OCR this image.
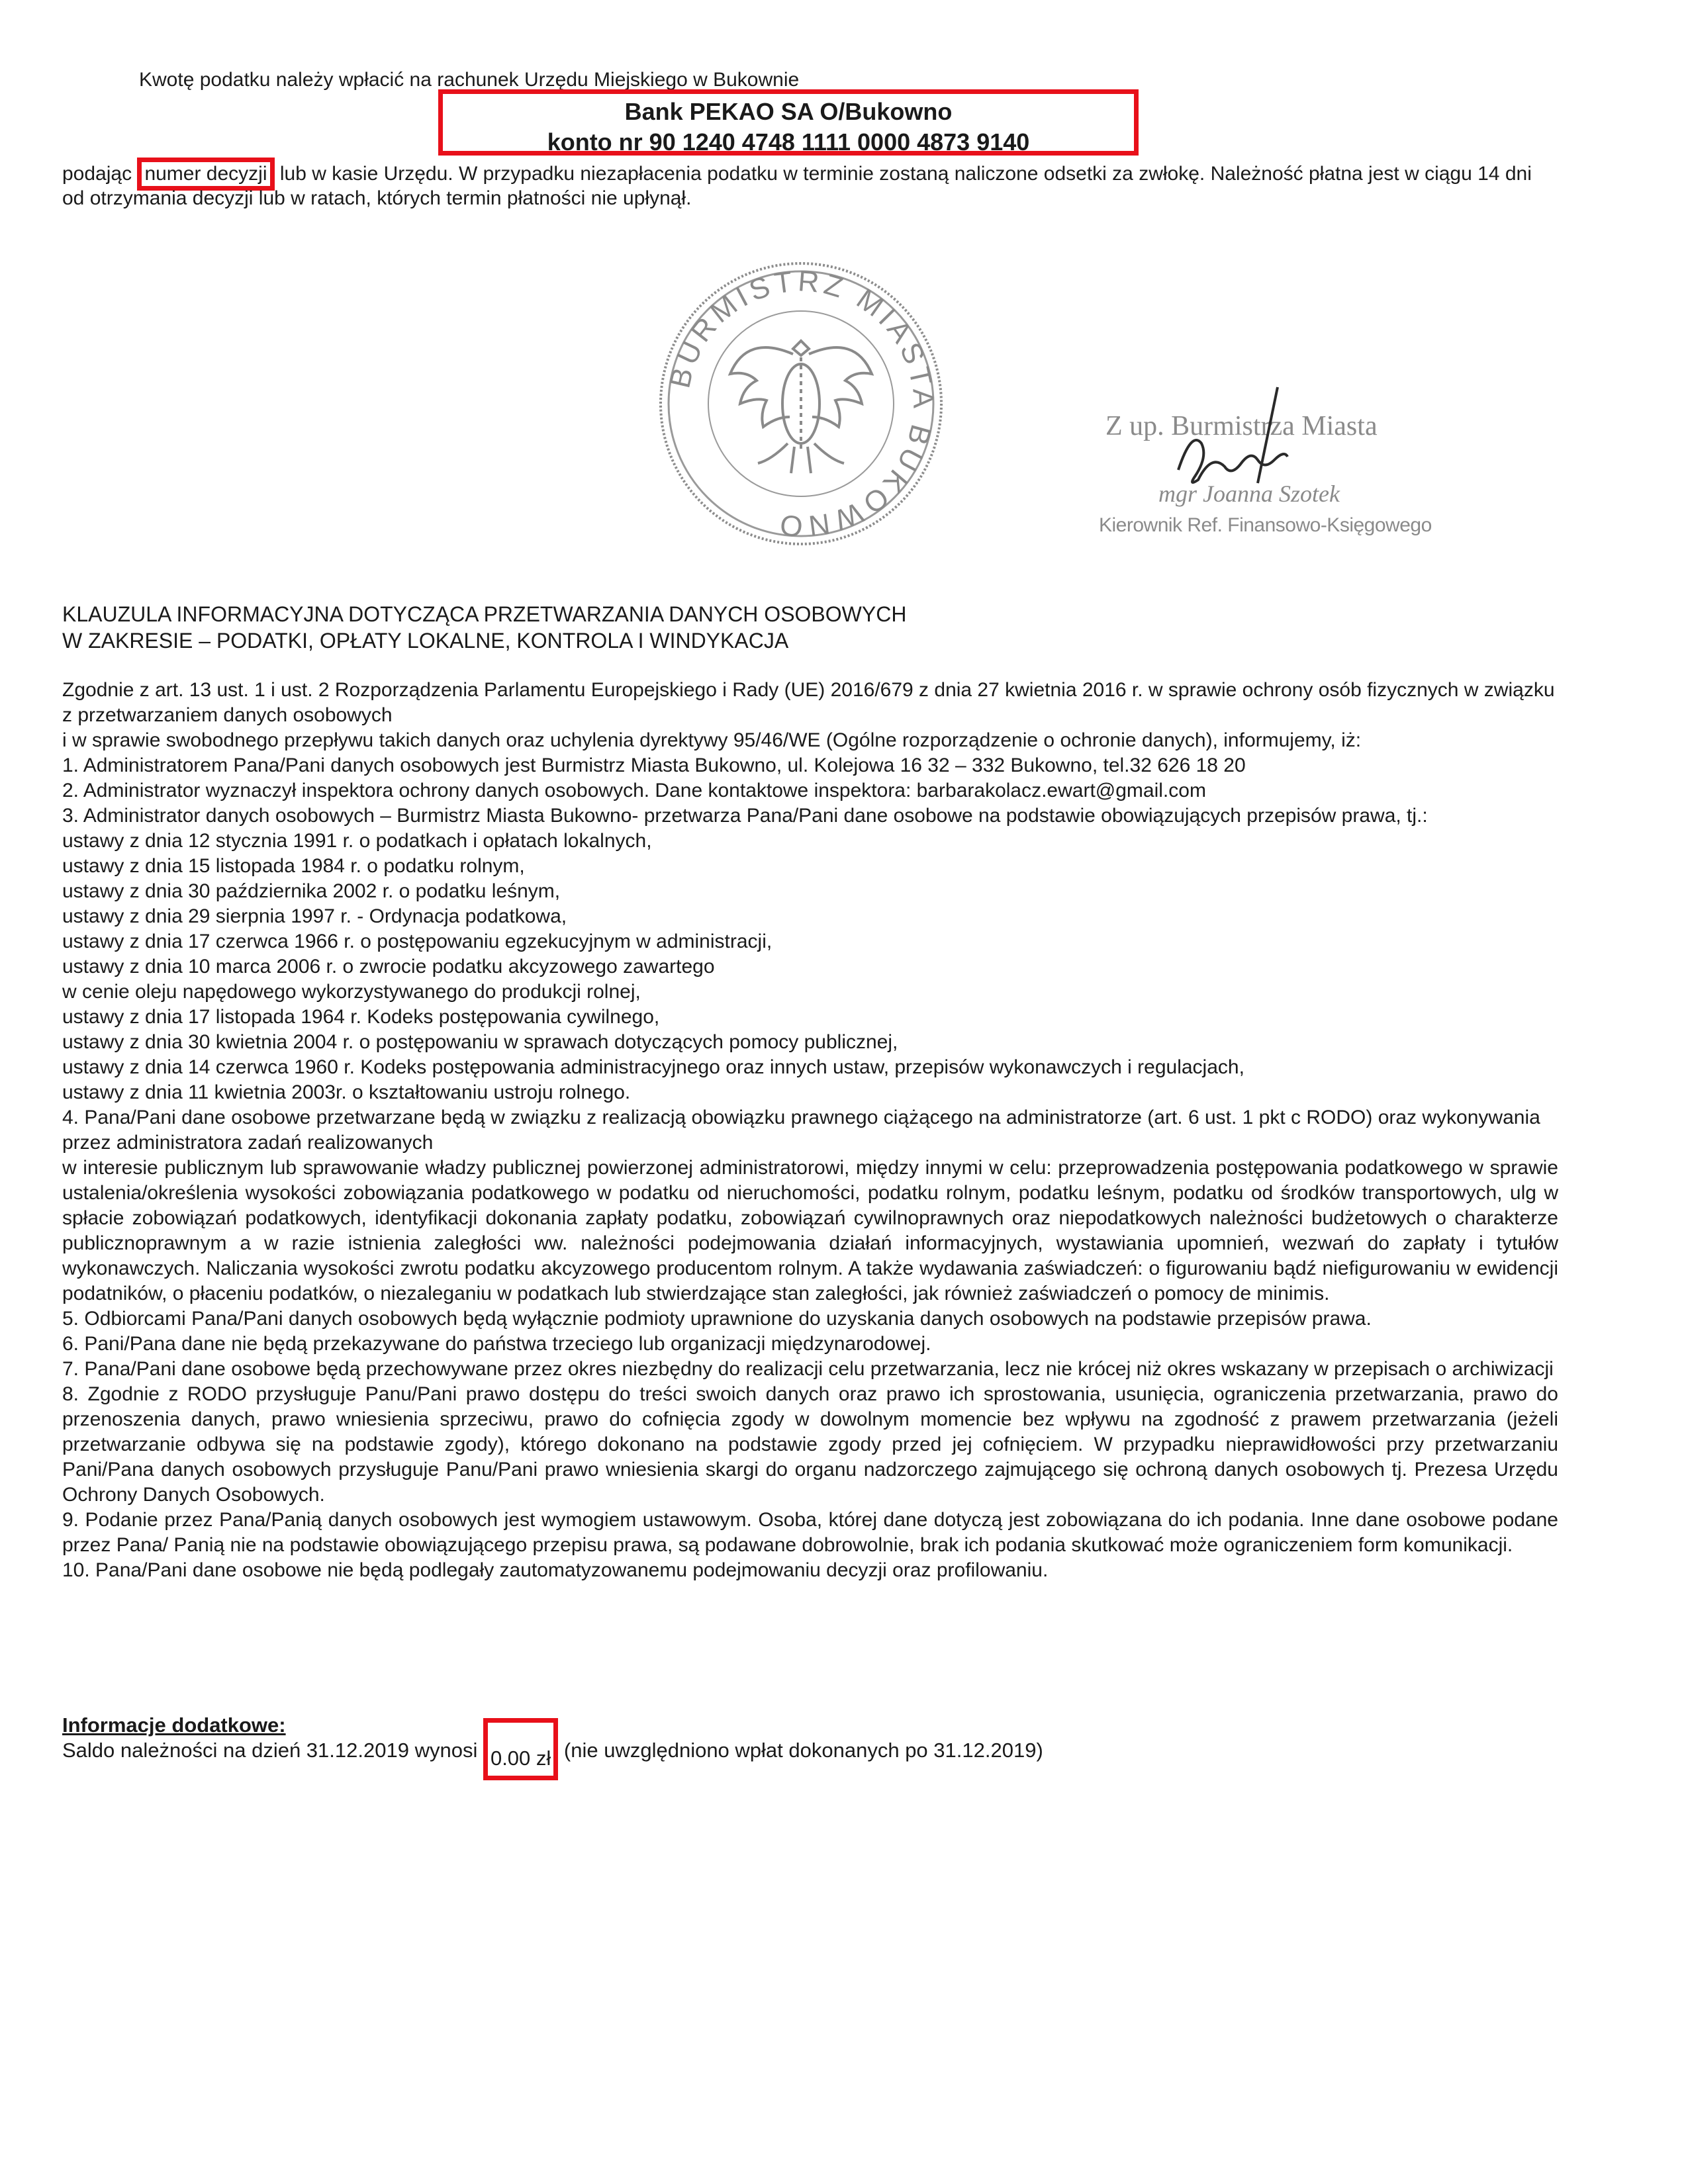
Kwotę podatku należy wpłacić na rachunek Urzędu Miejskiego w Bukownie
Bank PEKAO SA O/Bukowno
konto nr 90 1240 4748 1111 0000 4873 9140
podając numer decyzji lub w kasie Urzędu. W przypadku niezapłacenia podatku w terminie zostaną naliczone odsetki za zwłokę. Należność płatna jest w ciągu 14 dni od otrzymania decyzji lub w ratach, których termin płatności nie upłynął.
BURMISTRZ MIASTA BUKOWNO
Z up. Burmistrza Miasta
mgr Joanna Szotek
Kierownik Ref. Finansowo-Księgowego
KLAUZULA INFORMACYJNA DOTYCZĄCA PRZETWARZANIA DANYCH OSOBOWYCH
W ZAKRESIE – PODATKI, OPŁATY LOKALNE, KONTROLA I WINDYKACJA

Zgodnie z art. 13 ust. 1 i ust. 2 Rozporządzenia Parlamentu Europejskiego i Rady (UE) 2016/679 z dnia 27 kwietnia 2016 r. w sprawie ochrony osób fizycznych w związku z przetwarzaniem danych osobowych

i w sprawie swobodnego przepływu takich danych oraz uchylenia dyrektywy 95/46/WE (Ogólne rozporządzenie o ochronie danych), informujemy, iż:

1. Administratorem Pana/Pani danych osobowych jest Burmistrz Miasta Bukowno, ul. Kolejowa 16 32 – 332 Bukowno, tel.32 626 18 20

2. Administrator wyznaczył inspektora ochrony danych osobowych. Dane kontaktowe inspektora: barbarakolacz.ewart@gmail.com

3. Administrator danych osobowych – Burmistrz Miasta Bukowno- przetwarza Pana/Pani dane osobowe na podstawie obowiązujących przepisów prawa, tj.:

ustawy z dnia 12 stycznia 1991 r. o podatkach i opłatach lokalnych,

ustawy z dnia 15 listopada 1984 r. o podatku rolnym,

ustawy z dnia 30 października 2002 r. o podatku leśnym,

ustawy z dnia 29 sierpnia 1997 r. - Ordynacja podatkowa,

ustawy z dnia 17 czerwca 1966 r. o postępowaniu egzekucyjnym w administracji,

ustawy z dnia 10 marca 2006 r. o zwrocie podatku akcyzowego zawartego

w cenie oleju napędowego wykorzystywanego do produkcji rolnej,

ustawy z dnia 17 listopada 1964 r. Kodeks postępowania cywilnego,

ustawy z dnia 30 kwietnia 2004 r. o postępowaniu w sprawach dotyczących pomocy publicznej,

ustawy z dnia 14 czerwca 1960 r. Kodeks postępowania administracyjnego oraz innych ustaw, przepisów wykonawczych i regulacjach,

ustawy z dnia 11 kwietnia 2003r. o kształtowaniu ustroju rolnego.

4. Pana/Pani dane osobowe przetwarzane będą w związku z realizacją obowiązku prawnego ciążącego na administratorze (art. 6 ust. 1 pkt c RODO) oraz wykonywania przez administratora zadań realizowanych

w interesie publicznym lub sprawowanie władzy publicznej powierzonej administratorowi, między innymi w celu: przeprowadzenia postępowania podatkowego w sprawie ustalenia/określenia wysokości zobowiązania podatkowego w podatku od nieruchomości, podatku rolnym, podatku leśnym, podatku od środków transportowych, ulg w spłacie zobowiązań podatkowych, identyfikacji dokonania zapłaty podatku, zobowiązań cywilnoprawnych oraz niepodatkowych należności budżetowych o charakterze publicznoprawnym a w razie istnienia zaległości ww. należności podejmowania działań informacyjnych, wystawiania upomnień, wezwań do zapłaty i tytułów wykonawczych. Naliczania wysokości zwrotu podatku akcyzowego producentom rolnym. A także wydawania zaświadczeń: o figurowaniu bądź niefigurowaniu w ewidencji podatników, o płaceniu podatków, o niezaleganiu w podatkach lub stwierdzające stan zaległości, jak również zaświadczeń o pomocy de minimis.

5. Odbiorcami Pana/Pani danych osobowych będą wyłącznie podmioty uprawnione do uzyskania danych osobowych na podstawie przepisów prawa.

6. Pani/Pana dane nie będą przekazywane do państwa trzeciego lub organizacji międzynarodowej.

7. Pana/Pani dane osobowe będą przechowywane przez okres niezbędny do realizacji celu przetwarzania, lecz nie krócej niż okres wskazany w przepisach o archiwizacji

8. Zgodnie z RODO przysługuje Panu/Pani prawo dostępu do treści swoich danych oraz prawo ich sprostowania, usunięcia, ograniczenia przetwarzania, prawo do przenoszenia danych, prawo wniesienia sprzeciwu, prawo do cofnięcia zgody w dowolnym momencie bez wpływu na zgodność z prawem przetwarzania (jeżeli przetwarzanie odbywa się na podstawie zgody), którego dokonano na podstawie zgody przed jej cofnięciem. W przypadku nieprawidłowości przy przetwarzaniu Pani/Pana danych osobowych przysługuje Panu/Pani prawo wniesienia skargi do organu nadzorczego zajmującego się ochroną danych osobowych tj. Prezesa Urzędu Ochrony Danych Osobowych.

9. Podanie przez Pana/Panią danych osobowych jest wymogiem ustawowym. Osoba, której dane dotyczą jest zobowiązana do ich podania. Inne dane osobowe podane przez Pana/ Panią nie na podstawie obowiązującego przepisu prawa, są podawane dobrowolnie, brak ich podania skutkować może ograniczeniem form komunikacji.

10. Pana/Pani dane osobowe nie będą podlegały zautomatyzowanemu podejmowaniu decyzji oraz profilowaniu.

Informacje dodatkowe:
Saldo należności na dzień 31.12.2019 wynosi 0.00 zł (nie uwzględniono wpłat dokonanych po 31.12.2019)
